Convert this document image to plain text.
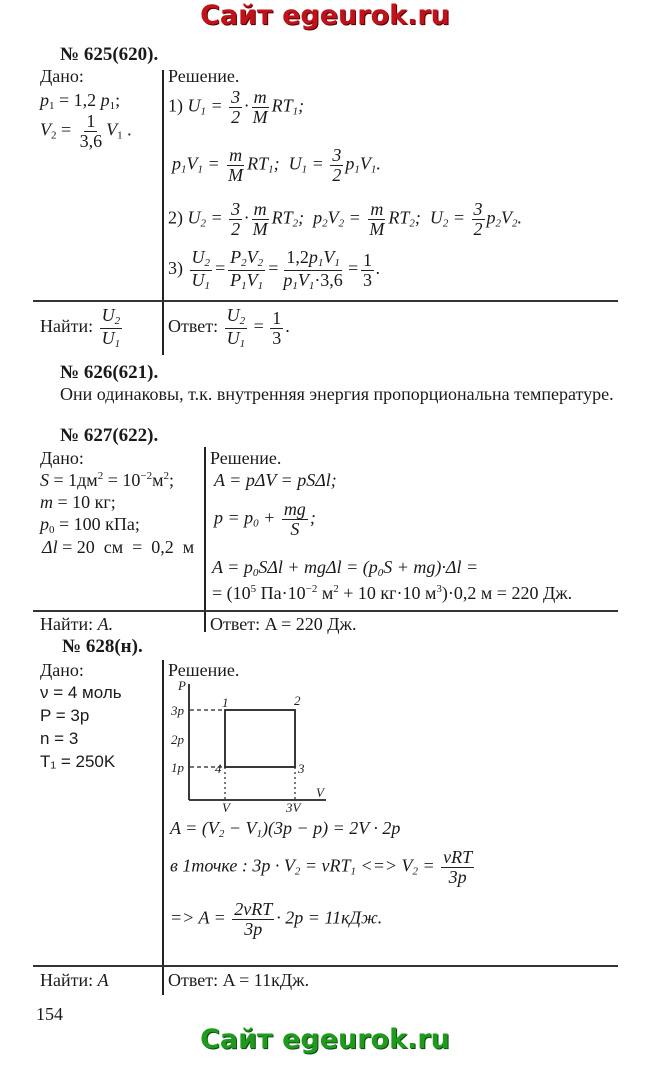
Сайт egeurok.ru
№ 625(620).
Дано:
$p_1 = 1,2$ $p_1$;
$V_2 = \frac{1}{3,6} V_1$ .
Решение.
1) $U_1 = \frac{3}{2} \cdot \frac{m}{M} RT_1$;
$p_1V_1 = \frac{m}{M} RT_1$;  $U_1 = \frac{3}{2} p_1V_1$.
2) $U_2 = \frac{3}{2} \cdot \frac{m}{M} RT_2$;  $p_2V_2 = \frac{m}{M} RT_2$;  $U_2 = \frac{3}{2} p_2V_2$.
$3) \frac{U_2}{U_1} = \frac{P_2V_2}{P_1V_1} = \frac{1,2p_1V_1}{p_1V_1\cdot 3,6} = \frac{1}{3}$ .
Найти: $\frac{U_2}{U_1}$	Ответ: $\frac{U_2}{U_1} = \frac{1}{3}$ .
№ 626(621).
Они одинаковы, т.к. внутренняя энергия пропорциональна температуре.
№ 627(622).
Дано:
$S = 1дм^2 = 10^{-2}м^2$;
m = 10 кг;
$p_0 = 100$ кПа;
Δl = 20  см  =  0,2  м
Решение.
A = pΔV = pSΔl;
$p = p_0 + \frac{mg}{S}$ ;
$A = p_0S\Delta l + mg\Delta l = (p_0S + mg)\cdot\Delta l$ =
= ($10^5$ $Па\cdot 10^{-2}$ $м^2 + 10$ кг·10 $м^3)\cdot 0,2$ м = 220 Дж.
Найти: A.	Ответ: A = 220 Дж.
№ 628(н).
Дано:
ν = 4 моль
P = 3p
n = 3
T₁ = 250K
Решение.
P
V
3p
2p
1p
1	2
3
4
V	3V
$A = (V_2 - V_1)(3p - p) = 2V \cdot 2p$
в 1точке : $3p \cdot V_2 = \nu RT_1$ <=> $V_2 = \frac{\text{νRT}}{3p}$
=> $A = \frac{\text{2νRT}}{3p} \cdot 2p = 11кДж$.
Найти: A	Ответ: A = 11кДж.
154
Сайт egeurok.ru
